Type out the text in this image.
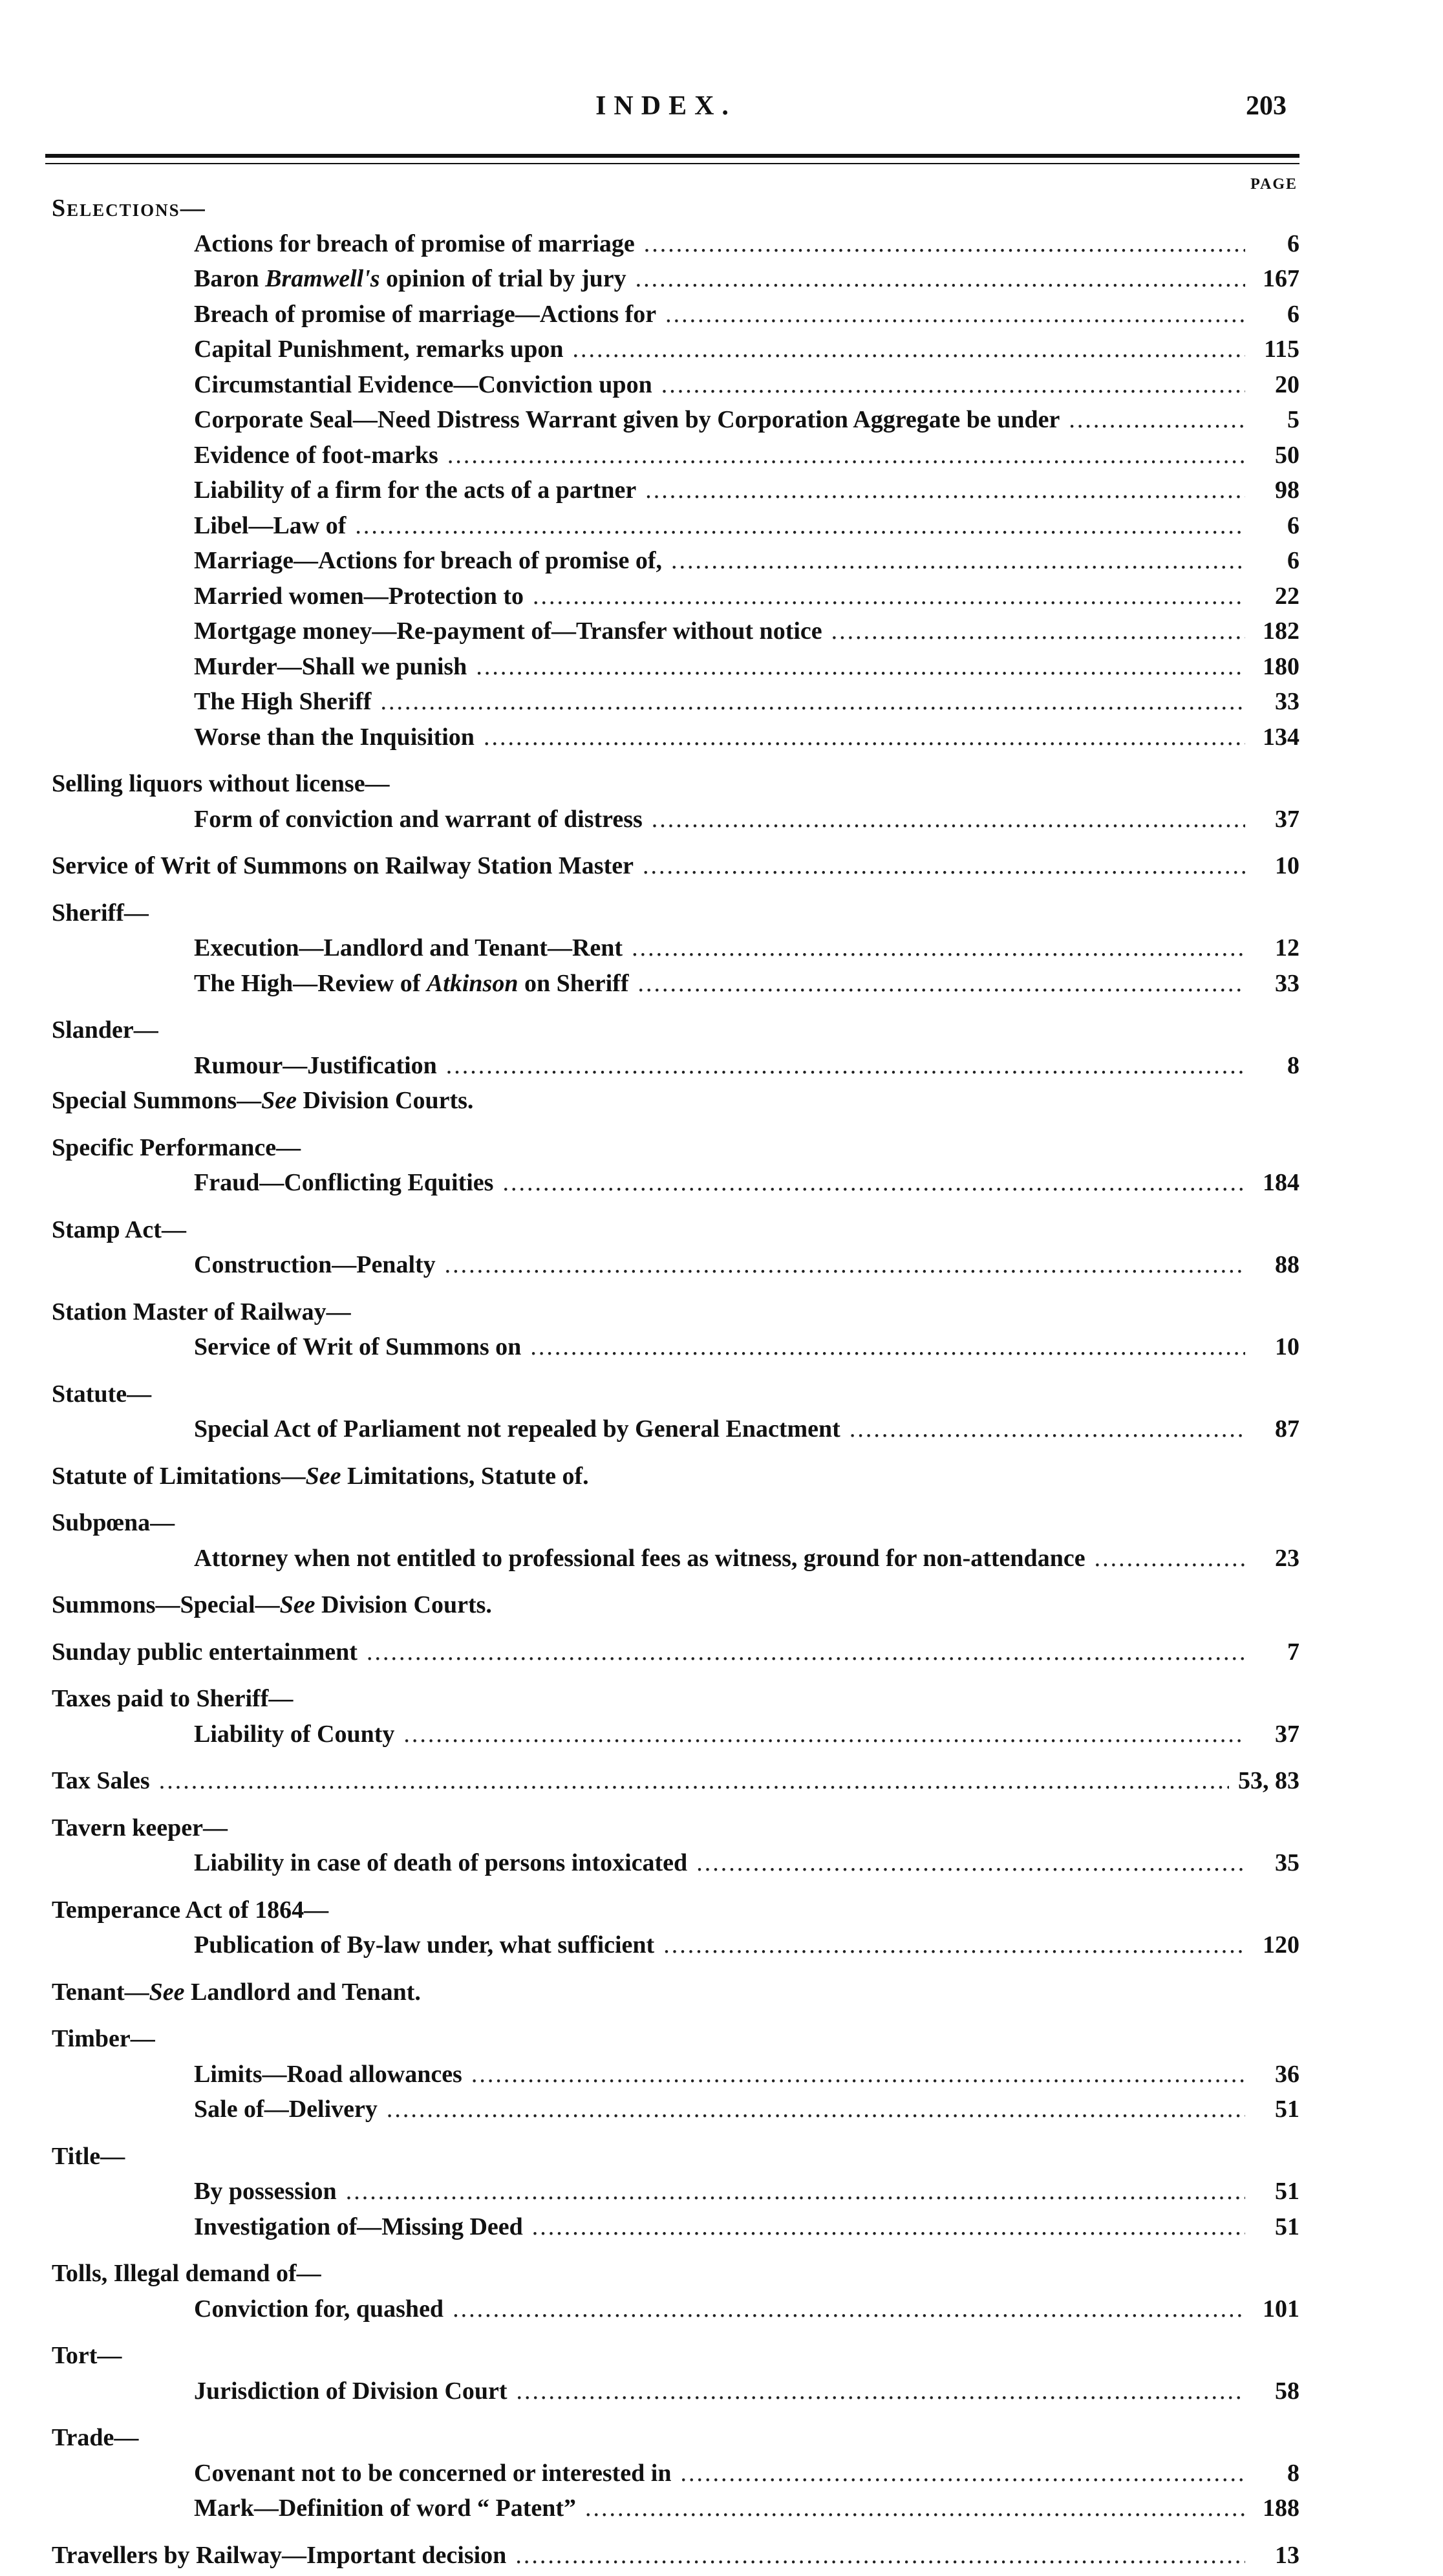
INDEX.	203
PAGE
Selections—
Actions for breach of promise of marriage .....	6
Baron Bramwell's opinion of trial by jury .....	167
Breach of promise of marriage—Actions for .....	6
Capital Punishment, remarks upon .....	115
Circumstantial Evidence—Conviction upon .....	20
Corporate Seal—Need Distress Warrant given by Corporation Aggregate be under .....	5
Evidence of foot-marks .....	50
Liability of a firm for the acts of a partner .....	98
Libel—Law of .....	6
Marriage—Actions for breach of promise of, .....	6
Married women—Protection to .....	22
Mortgage money—Re-payment of—Transfer without notice .....	182
Murder—Shall we punish .....	180
The High Sheriff .....	33
Worse than the Inquisition .....	134
Selling liquors without license—
Form of conviction and warrant of distress .....	37
Service of Writ of Summons on Railway Station Master .....	10
Sheriff—
Execution—Landlord and Tenant—Rent .....	12
The High—Review of Atkinson on Sheriff .....	33
Slander—
Rumour—Justification .....	8
Special Summons—See Division Courts.
Specific Performance—
Fraud—Conflicting Equities .....	184
Stamp Act—
Construction—Penalty .....	88
Station Master of Railway—
Service of Writ of Summons on .....	10
Statute—
Special Act of Parliament not repealed by General Enactment .....	87
Statute of Limitations—See Limitations, Statute of.
Subpœna—
Attorney when not entitled to professional fees as witness, ground for non-attendance .....	23
Summons—Special—See Division Courts.
Sunday public entertainment .....	7
Taxes paid to Sheriff—
Liability of County .....	37
Tax Sales .....	53, 83
Tavern keeper—
Liability in case of death of persons intoxicated .....	35
Temperance Act of 1864—
Publication of By-law under, what sufficient .....	120
Tenant—See Landlord and Tenant.
Timber—
Limits—Road allowances .....	36
Sale of—Delivery .....	51
Title—
By possession .....	51
Investigation of—Missing Deed .....	51
Tolls, Illegal demand of—
Conviction for, quashed .....	101
Tort—
Jurisdiction of Division Court .....	58
Trade—
Covenant not to be concerned or interested in .....	8
Mark—Definition of word “ Patent” .....	188
Travellers by Railway—Important decision .....	13
